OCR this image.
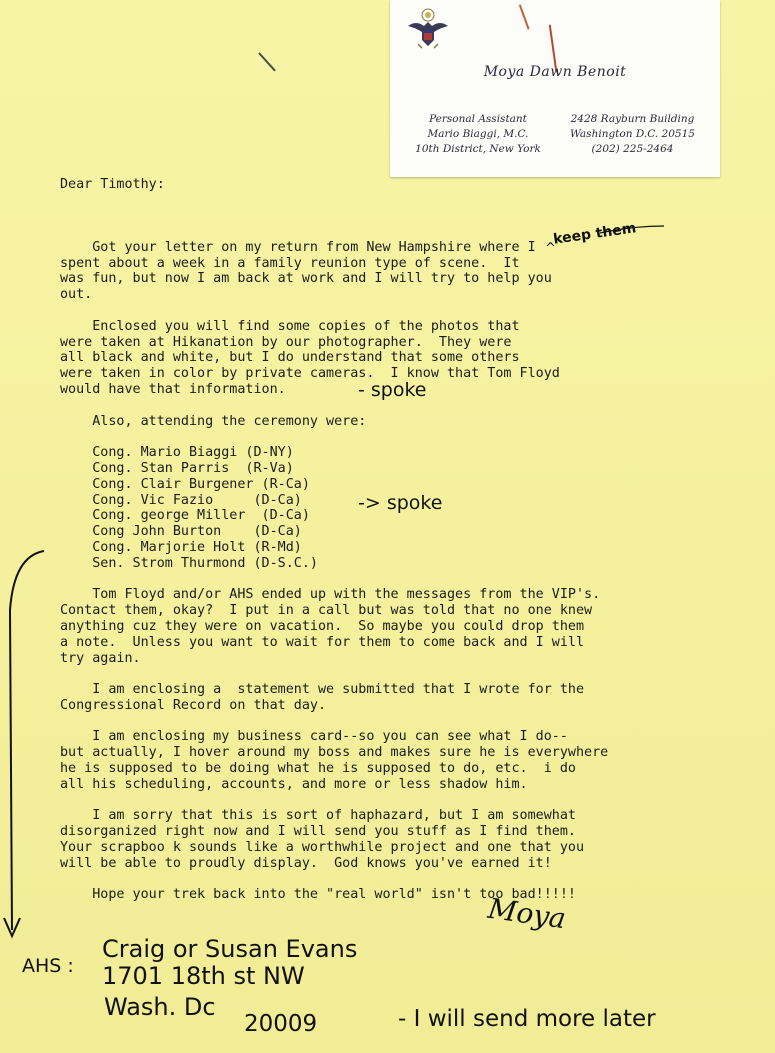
Moya Dawn Benoit
Personal Assistant
Mario Biaggi, M.C.
10th District, New York
2428 Rayburn Building
Washington D.C. 20515
(202) 225-2464

Dear Timothy:

Got your letter on my return from New Hampshire where I
spent about a week in a family reunion type of scene.  It
was fun, but now I am back at work and I will try to help you
out.
Enclosed you will find some copies of the photos that
were taken at Hikanation by our photographer.  They were
all black and white, but I do understand that some others
were taken in color by private cameras.  I know that Tom Floyd
would have that information.
Also, attending the ceremony were:
Cong. Mario Biaggi (D-NY)
Cong. Stan Parris  (R-Va)
Cong. Clair Burgener (R-Ca)
Cong. Vic Fazio     (D-Ca)
Cong. george Miller  (D-Ca)
Cong John Burton    (D-Ca)
Cong. Marjorie Holt (R-Md)
Sen. Strom Thurmond (D-S.C.)
Tom Floyd and/or AHS ended up with the messages from the VIP's.
Contact them, okay?  I put in a call but was told that no one knew
anything cuz they were on vacation.  So maybe you could drop them
a note.  Unless you want to wait for them to come back and I will
try again.
I am enclosing a  statement we submitted that I wrote for the
Congressional Record on that day.
I am enclosing my business card--so you can see what I do--
but actually, I hover around my boss and makes sure he is everywhere
he is supposed to be doing what he is supposed to do, etc.  i do
all his scheduling, accounts, and more or less shadow him.
I am sorry that this is sort of haphazard, but I am somewhat
disorganized right now and I will send you stuff as I find them.
Your scrapboo k sounds like a worthwhile project and one that you
will be able to proudly display.  God knows you've earned it!
Hope your trek back into the "real world" isn't too bad!!!!!

keep them
^
- spoke
-> spoke
Moya
AHS :
Craig or Susan Evans
1701 18th st NW
Wash. Dc
20009	- I will send more later
